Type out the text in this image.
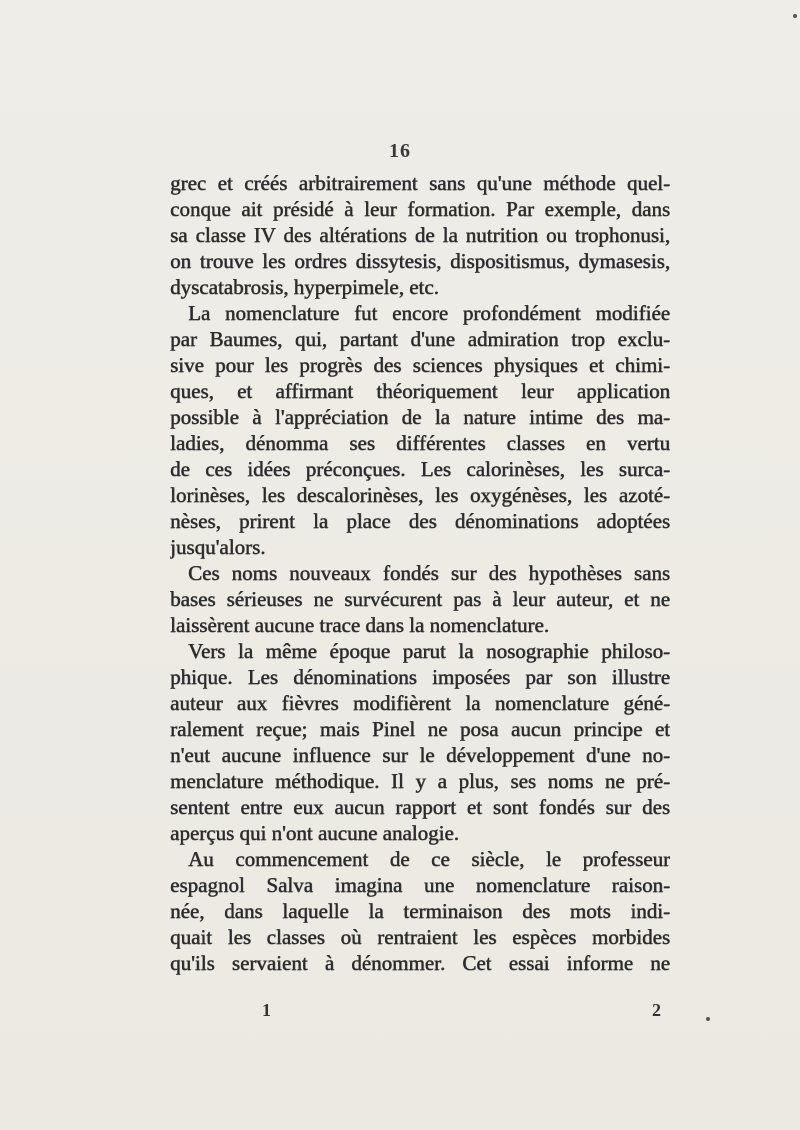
16
grec et créés arbitrairement sans qu'une méthode quel-
conque ait présidé à leur formation. Par exemple, dans
sa classe IV des altérations de la nutrition ou trophonusi,
on trouve les ordres dissytesis, dispositismus, dymasesis,
dyscatabrosis, hyperpimele, etc.
La nomenclature fut encore profondément modifiée
par Baumes, qui, partant d'une admiration trop exclu-
sive pour les progrès des sciences physiques et chimi-
ques, et affirmant théoriquement leur application
possible à l'appréciation de la nature intime des ma-
ladies, dénomma ses différentes classes en vertu
de ces idées préconçues. Les calorinèses, les surca-
lorinèses, les descalorinèses, les oxygénèses, les azoté-
nèses, prirent la place des dénominations adoptées
jusqu'alors.
Ces noms nouveaux fondés sur des hypothèses sans
bases sérieuses ne survécurent pas à leur auteur, et ne
laissèrent aucune trace dans la nomenclature.
Vers la même époque parut la nosographie philoso-
phique. Les dénominations imposées par son illustre
auteur aux fièvres modifièrent la nomenclature géné-
ralement reçue; mais Pinel ne posa aucun principe et
n'eut aucune influence sur le développement d'une no-
menclature méthodique. Il y a plus, ses noms ne pré-
sentent entre eux aucun rapport et sont fondés sur des
aperçus qui n'ont aucune analogie.
Au commencement de ce siècle, le professeur
espagnol Salva imagina une nomenclature raison-
née, dans laquelle la terminaison des mots indi-
quait les classes où rentraient les espèces morbides
qu'ils servaient à dénommer. Cet essai informe ne
1	2
